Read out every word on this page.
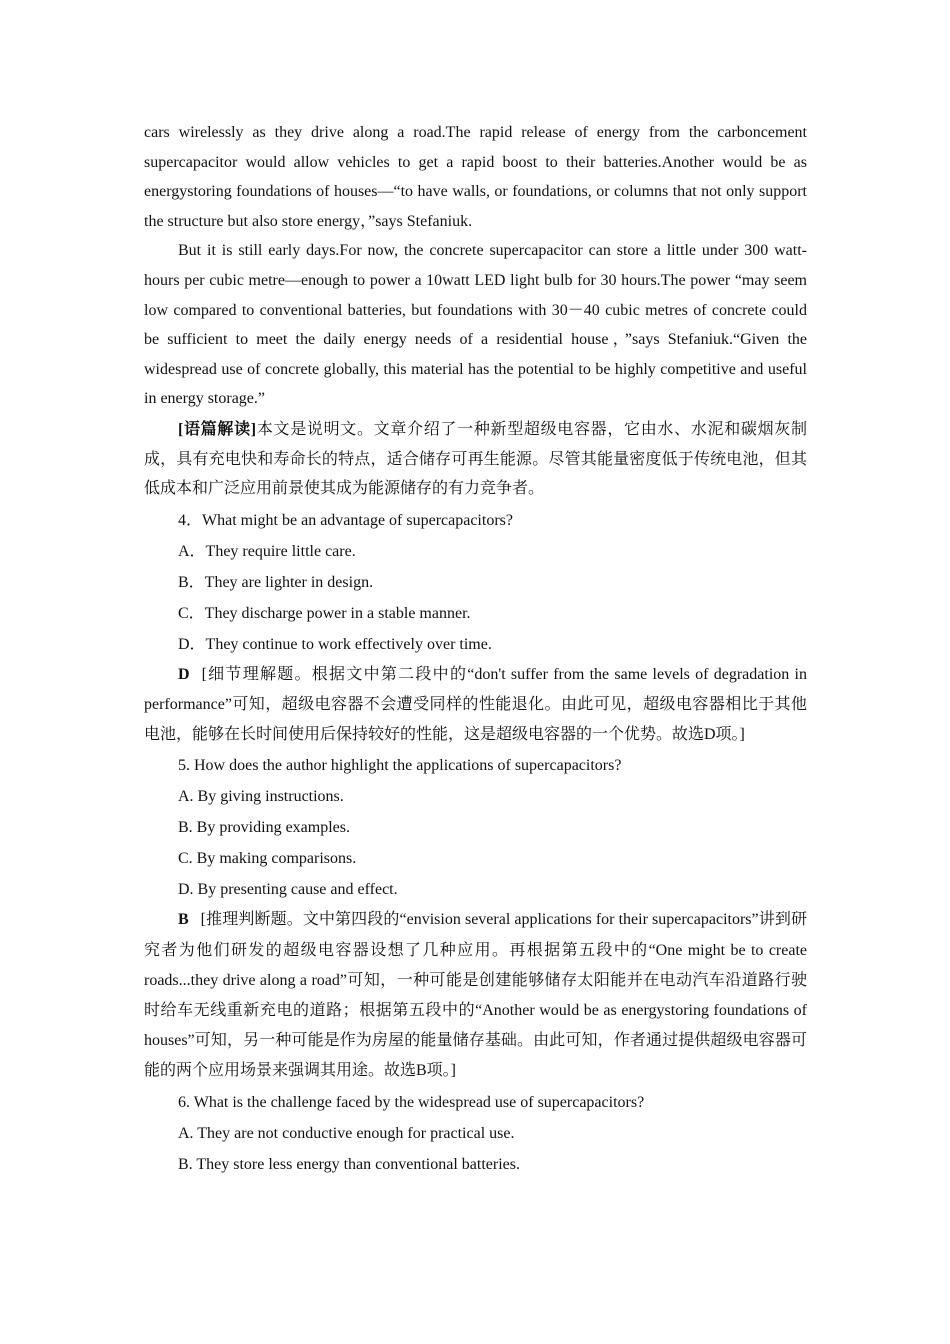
cars wirelessly as they drive along a road.The rapid release of energy from the carboncement supercapacitor would allow vehicles to get a rapid boost to their batteries.Another would be as energystoring foundations of houses—“to have walls, or foundations, or columns that not only support the structure but also store energy，”says Stefaniuk.

But it is still early days.For now, the concrete supercapacitor can store a little under 300 watt-hours per cubic metre—enough to power a 10watt LED light bulb for 30 hours.The power “may seem low compared to conventional batteries, but foundations with 30－40 cubic metres of concrete could be sufficient to meet the daily energy needs of a residential house，”says Stefaniuk.“Given the widespread use of concrete globally, this material has the potential to be highly competitive and useful in energy storage.”

[语篇解读]本文是说明文。文章介绍了一种新型超级电容器，它由水、水泥和碳烟灰制成，具有充电快和寿命长的特点，适合储存可再生能源。尽管其能量密度低于传统电池，但其低成本和广泛应用前景使其成为能源储存的有力竞争者。

4．What might be an advantage of supercapacitors?

A．They require little care.

B．They are lighter in design.

C．They discharge power in a stable manner.

D．They continue to work effectively over time.

D [细节理解题。根据文中第二段中的“don't suffer from the same levels of degradation in performance”可知，超级电容器不会遭受同样的性能退化。由此可见，超级电容器相比于其他电池，能够在长时间使用后保持较好的性能，这是超级电容器的一个优势。故选D项。]

5. How does the author highlight the applications of supercapacitors?

A. By giving instructions.

B. By providing examples.

C. By making comparisons.

D. By presenting cause and effect.

B [推理判断题。文中第四段的“envision several applications for their supercapacitors”讲到研究者为他们研发的超级电容器设想了几种应用。再根据第五段中的“One might be to create roads...they drive along a road”可知，一种可能是创建能够储存太阳能并在电动汽车沿道路行驶时给车无线重新充电的道路；根据第五段中的“Another would be as energystoring foundations of houses”可知，另一种可能是作为房屋的能量储存基础。由此可知，作者通过提供超级电容器可能的两个应用场景来强调其用途。故选B项。]

6. What is the challenge faced by the widespread use of supercapacitors?

A. They are not conductive enough for practical use.

B. They store less energy than conventional batteries.
